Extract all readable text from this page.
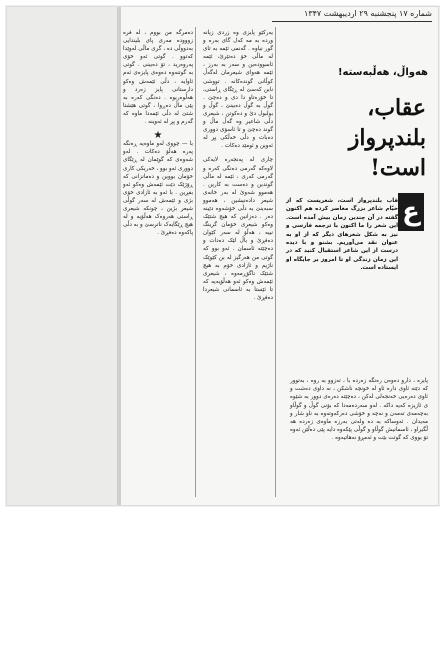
شماره ۱۷ پنجشنبه ۲۹ اردیبهشت ۱۳۴۷
هەواڵ، هەڵبەستە!
عقاب،
بلندپرواز است!
ع
قاب بلندپرواز است، شعریست که از خیّام شاعر بزرگ معاصر کرده هم اکنون گفته در آن چندین زمان بیش آمده است. این شعر را ما اکنون با ترجمه فارسی و نیز به شکل شعرهای دیگر که از او به عنوان نقد می‌آوریم. بشنو و با دیده درست از این شاعر استقبال کنید که در این زمان زندگی او تا امروز بر جایگاه او ایستاده است.

پایزە ، دارو دەوەن رەنگە زەردە با ، تەزوو بە روە ، بەتوور کە دێتە ئاوی دارە ئاو لە خونچە ناشکن ، نە داوی دەشت و ئاوی دەرەیی خەنجەلی لەکن ، دەچێتە دەرەی دوور بە شێوە ی ئازیزە کەیە داکە . لەو سەردەمەدا کە بۆنی گوڵ و گوڵاو بەچەمەی تەمەن و نەچە و خۆشی دەرکەوتەوە بە ناو شار و مەیدان . ئەوساکە بە دە ولەتی بەرزە ماوەی زەردە هە ڵگیراو ، ئاسمانیش گوڵاو و گوڵی پێکەوە دایە پێی دەڵێن ئەوە تۆ بووی کە گوتت بێت و ئەمڕۆ نەهاتیەوە .

یەرکێو پایزی وە زردی زیانە ورده‌ بە مە کەل گای بەرە و گور نیاوە . گەنمی ئێمە بە تای لە ماڵی خۆ دەنێرێ، ئێمە ئاسوودە‌ین و سەر بە بەرز ، ئێمە هەوای شیعرمان لەگەڵ کوڵانی گوندەکانە . تووشی نابن کەسێ لە ڕێگای ڕاستی، تا خۆرەتاو دا دی و دەچێ . گوڵ بە گوڵ دەبینێ ، گوڵ و بولبول دێ و دەکوتن ، شیعری دڵی شاعیر وە گەڵ ماڵ و گوند دەچێ و تا ئاسۆی دووری دەبات و دڵی خەڵکی پڕ لە ئەوین و ئومێد دەکات .

چاری لە پەنجەرە لایەکی لاوەکە گەرمی دەنگی کەرە و گەرمی کەری ، ئێمە لە ماڵی گوندین و دەست بە کارین . هەموو شەوێ لە بەر خانەی شیعر دادەنیشین ، هەموو سبەینێ بە دڵی خۆشەوە دێینە دەر . دەزانین کە هیچ شتێک وەکو شیعری خۆمان گرینگ نییە ، هەڵۆ لە سەر کێوان دەفڕێ و باڵ لێک دەدات و دەچێتە ئاسمان . ئەو بوو کە گوتی من هەرگیز لە بن کێوێک ناژیم و ئازادی خۆم بە هیچ شتێک ناگۆڕمەوە ، شیعری ئێمەش وەکو ئەو هەڵۆیەیە کە تا ئێستا بە ئاسمانی شیعردا دەفڕێ .

دەمرگە من بووم ، لە فرە زووودە مەری پای بلیندایی بەدووڵی دە ، گری ماڵی لەوێدا کەتوو . گوتی ئەو خۆی پەروەرید ، تۆ دەبینی . گوتی بە گوتنەوە دەوەی پایزەی ئەم ئاوایە ، دڵی ئێمەش وەکو دارستانی پایز زەرد و هەڵوەریوە . دەنگی کەرە بە پێی ماڵ دەڕوا ، گوتی هێشتا شتێ لە دڵی ئێمەدا ماوە کە گەرم و پڕ لە ئەوینە .

★

با — چووی لەو ماوەیە ڕەنگە پەرە هەڵۆ دەکات . لەو شەوەی کە گوێمان لە ڕێگای دووری ئەو بوو ، خەریکی کاری خۆمان بووین و دەمانزانی کە ڕۆژێک دێت ئێمەش وەکو ئەو بفڕین . با ئەو بە ئازادی خۆی بژی و ئێمەش لە سەر گوڵی شیعر بژین ، چونکە شیعری ڕاستی هەروەک هەڵۆیە و لە هیچ ڕێگایەک ناترسێ و بە دڵی پاکەوە دەفڕێ .
